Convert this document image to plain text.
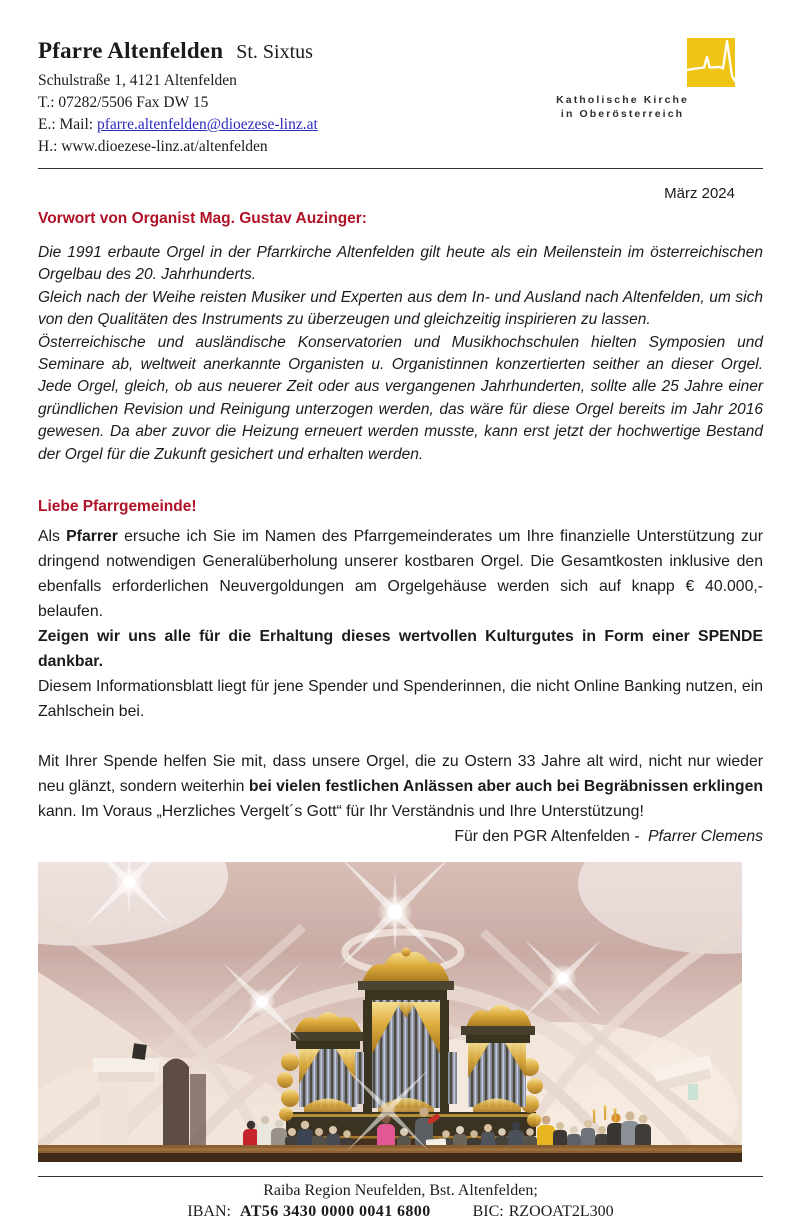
Pfarre Altenfelden St. Sixtus
Schulstraße 1, 4121 Altenfelden
T.: 07282/5506 Fax DW 15
E.: Mail: pfarre.altenfelden@dioezese-linz.at
H.: www.dioezese-linz.at/altenfelden
Katholische Kirche
in Oberösterreich
März 2024
Vorwort von Organist Mag. Gustav Auzinger:

Die 1991 erbaute Orgel in der Pfarrkirche Altenfelden gilt heute als ein Meilenstein im österreichischen Orgelbau des 20. Jahrhunderts.

Gleich nach der Weihe reisten Musiker und Experten aus dem In- und Ausland nach Altenfelden, um sich von den Qualitäten des Instruments zu überzeugen und gleichzeitig inspirieren zu lassen.

Österreichische und ausländische Konservatorien und Musikhochschulen hielten Symposien und Seminare ab, weltweit anerkannte Organisten u. Organistinnen konzertierten seither an dieser Orgel. Jede Orgel, gleich, ob aus neuerer Zeit oder aus vergangenen Jahrhunderten, sollte alle 25 Jahre einer gründlichen Revision und Reinigung unterzogen werden, das wäre für diese Orgel bereits im Jahr 2016 gewesen. Da aber zuvor die Heizung erneuert werden musste, kann erst jetzt der hochwertige Bestand der Orgel für die Zukunft gesichert und erhalten werden.

Liebe Pfarrgemeinde!

Als Pfarrer ersuche ich Sie im Namen des Pfarrgemeinderates um Ihre finanzielle Unterstützung zur dringend notwendigen Generalüberholung unserer kostbaren Orgel. Die Gesamtkosten inklusive den ebenfalls erforderlichen Neuvergoldungen am Orgelgehäuse werden sich auf knapp € 40.000,- belaufen.

Zeigen wir uns alle für die Erhaltung dieses wertvollen Kulturgutes in Form einer SPENDE dankbar.

Diesem Informationsblatt liegt für jene Spender und Spenderinnen, die nicht Online Banking nutzen, ein Zahlschein bei.

Mit Ihrer Spende helfen Sie mit, dass unsere Orgel, die zu Ostern 33 Jahre alt wird, nicht nur wieder neu glänzt, sondern weiterhin bei vielen festlichen Anlässen aber auch bei Begräbnissen erklingen kann. Im Voraus „Herzliches Vergelt´s Gott“ für Ihr Verständnis und Ihre Unterstützung!

Für den PGR Altenfelden - Pfarrer Clemens
Raiba Region Neufelden, Bst. Altenfelden;
IBAN: AT56 3430 0000 0041 6800	BIC: RZOOAT2L300
